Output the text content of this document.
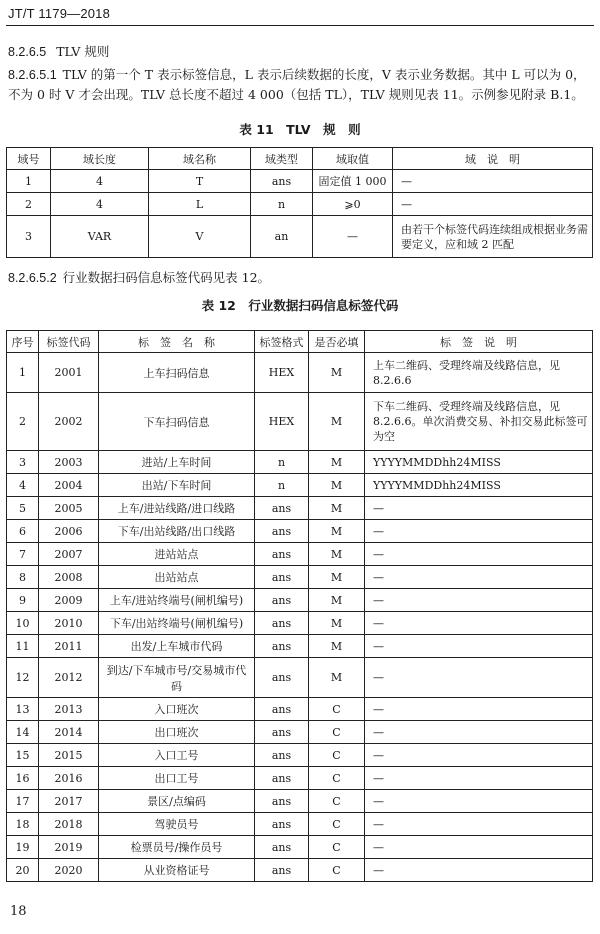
JT/T 1179—2018
8.2.6.5 TLV 规则
8.2.6.5.1 TLV 的第一个 T 表示标签信息，L 表示后续数据的长度，V 表示业务数据。其中 L 可以为 0，不为 0 时 V 才会出现。TLV 总长度不超过 4 000（包括 TL），TLV 规则见表 11。示例参见附录 B.1。
表 11　TLV　规　则
域号	域长度	域名称	域类型	域取值	域　说　明
1	4	T	ans	固定值 1 000	—
2	4	L	n	⩾0	—
3	VAR	V	an	—	由若干个标签代码连续组成根据业务需要定义，应和域 2 匹配
8.2.6.5.2 行业数据扫码信息标签代码见表 12。
表 12　行业数据扫码信息标签代码
序号	标签代码	标　签　名　称	标签格式	是否必填	标　签　说　明
1	2001	上车扫码信息	HEX	M	上车二维码、受理终端及线路信息，见 8.2.6.6
2	2002	下车扫码信息	HEX	M	下车二维码、受理终端及线路信息，见 8.2.6.6。单次消费交易、补扣交易此标签可为空
3	2003	进站/上车时间	n	M	YYYYMMDDhh24MISS
4	2004	出站/下车时间	n	M	YYYYMMDDhh24MISS
5	2005	上车/进站线路/进口线路	ans	M	—
6	2006	下车/出站线路/出口线路	ans	M	—
7	2007	进站站点	ans	M	—
8	2008	出站站点	ans	M	—
9	2009	上车/进站终端号(闸机编号)	ans	M	—
10	2010	下车/出站终端号(闸机编号)	ans	M	—
11	2011	出发/上车城市代码	ans	M	—
12	2012	到达/下车城市号/交易城市代码	ans	M	—
13	2013	入口班次	ans	C	—
14	2014	出口班次	ans	C	—
15	2015	入口工号	ans	C	—
16	2016	出口工号	ans	C	—
17	2017	景区/点编码	ans	C	—
18	2018	驾驶员号	ans	C	—
19	2019	检票员号/操作员号	ans	C	—
20	2020	从业资格证号	ans	C	—
18
